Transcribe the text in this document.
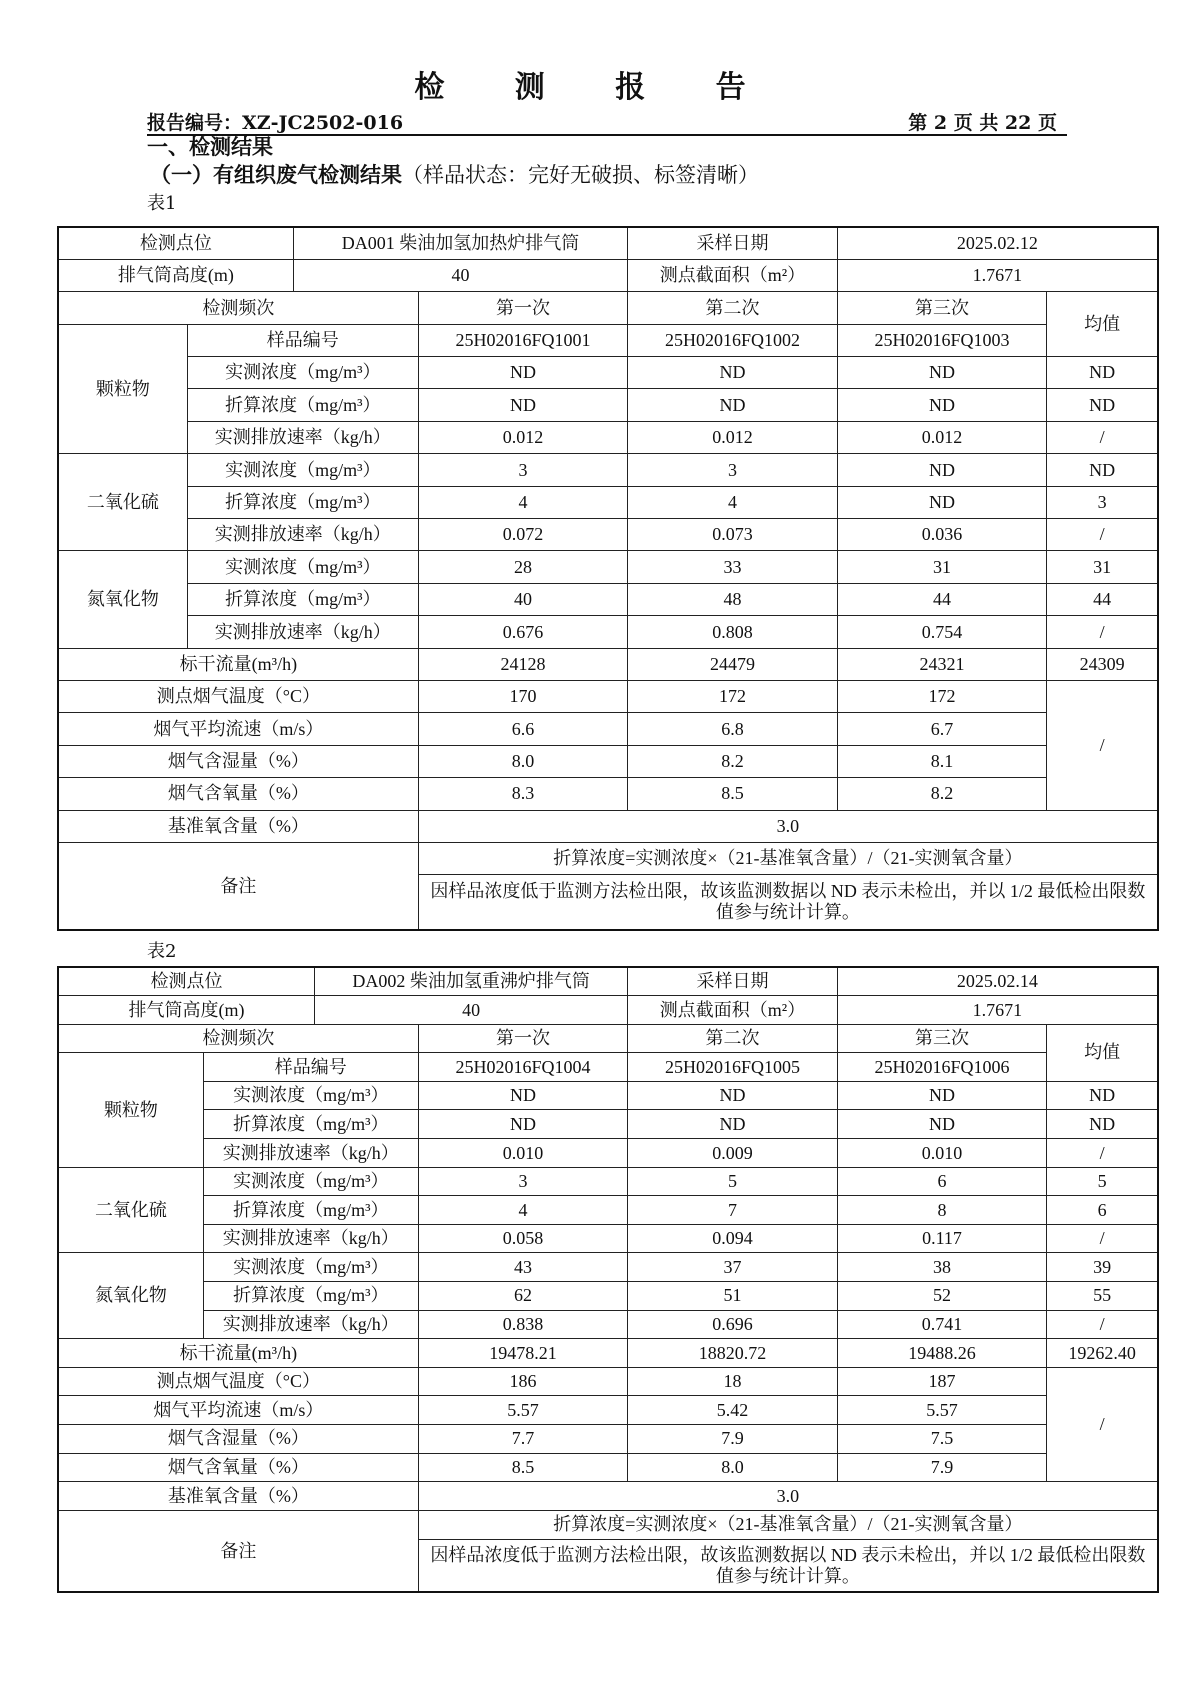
检 测 报 告
报告编号：XZ-JC2502-016	第 2 页 共 22 页
一、检测结果
（一）有组织废气检测结果（样品状态：完好无破损、标签清晰）
表1
检测点位		DA001 柴油加氢加热炉排气筒		采样日期	2025.02.12	
排气筒高度(m)		40		测点截面积（m²）	1.7671	
检测频次			第一次	第二次	第三次	均值
颗粒物	样品编号		25H02016FQ1001	25H02016FQ1002	25H02016FQ1003	
	实测浓度（mg/m³）		ND	ND	ND	ND
	折算浓度（mg/m³）		ND	ND	ND	ND
	实测排放速率（kg/h）		0.012	0.012	0.012	/
二氧化硫	实测浓度（mg/m³）		3	3	ND	ND
	折算浓度（mg/m³）		4	4	ND	3
	实测排放速率（kg/h）		0.072	0.073	0.036	/
氮氧化物	实测浓度（mg/m³）		28	33	31	31
	折算浓度（mg/m³）		40	48	44	44
	实测排放速率（kg/h）		0.676	0.808	0.754	/
标干流量(m³/h)			24128	24479	24321	24309
测点烟气温度（°C）			170	172	172	/
烟气平均流速（m/s）			6.6	6.8	6.7	
烟气含湿量（%）			8.0	8.2	8.1	
烟气含氧量（%）			8.3	8.5	8.2	
基准氧含量（%）			3.0			
备注			折算浓度=实测浓度×（21-基准氧含量）/（21-实测氧含量）			
			因样品浓度低于监测方法检出限，故该监测数据以 ND 表示未检出，并以 1/2 最低检出限数值参与统计计算。			
表2
检测点位		DA002 柴油加氢重沸炉排气筒		采样日期	2025.02.14	
排气筒高度(m)		40		测点截面积（m²）	1.7671	
检测频次			第一次	第二次	第三次	均值
颗粒物	样品编号		25H02016FQ1004	25H02016FQ1005	25H02016FQ1006	
	实测浓度（mg/m³）		ND	ND	ND	ND
	折算浓度（mg/m³）		ND	ND	ND	ND
	实测排放速率（kg/h）		0.010	0.009	0.010	/
二氧化硫	实测浓度（mg/m³）		3	5	6	5
	折算浓度（mg/m³）		4	7	8	6
	实测排放速率（kg/h）		0.058	0.094	0.117	/
氮氧化物	实测浓度（mg/m³）		43	37	38	39
	折算浓度（mg/m³）		62	51	52	55
	实测排放速率（kg/h）		0.838	0.696	0.741	/
标干流量(m³/h)			19478.21	18820.72	19488.26	19262.40
测点烟气温度（°C）			186	18	187	/
烟气平均流速（m/s）			5.57	5.42	5.57	
烟气含湿量（%）			7.7	7.9	7.5	
烟气含氧量（%）			8.5	8.0	7.9	
基准氧含量（%）			3.0			
备注			折算浓度=实测浓度×（21-基准氧含量）/（21-实测氧含量）			
			因样品浓度低于监测方法检出限，故该监测数据以 ND 表示未检出，并以 1/2 最低检出限数值参与统计计算。			
